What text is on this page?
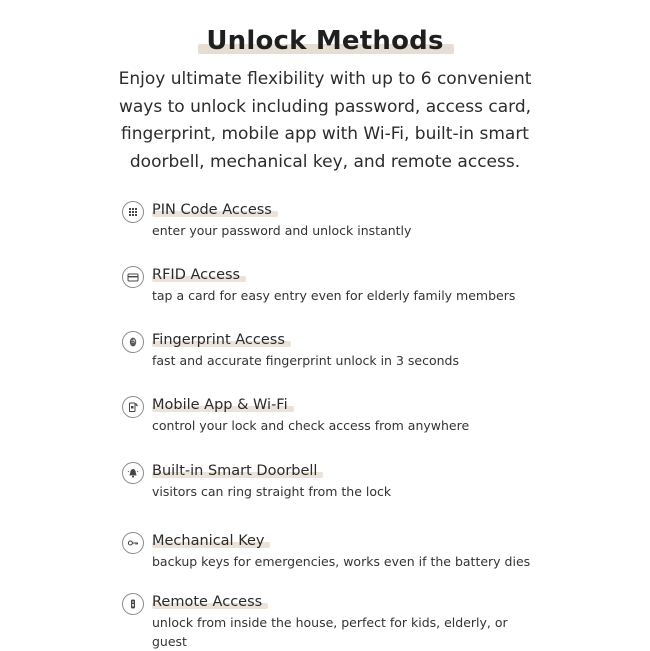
Unlock Methods
Enjoy ultimate flexibility with up to 6 convenient ways to unlock including password, access card, fingerprint, mobile app with Wi-Fi, built-in smart doorbell, mechanical key, and remote access.
PIN Code Access
enter your password and unlock instantly
RFID Access
tap a card for easy entry even for elderly family members
Fingerprint Access
fast and accurate fingerprint unlock in 3 seconds
Mobile App & Wi-Fi
control your lock and check access from anywhere
Built-in Smart Doorbell
visitors can ring straight from the lock
Mechanical Key
backup keys for emergencies, works even if the battery dies
Remote Access
unlock from inside the house, perfect for kids, elderly, or guest
